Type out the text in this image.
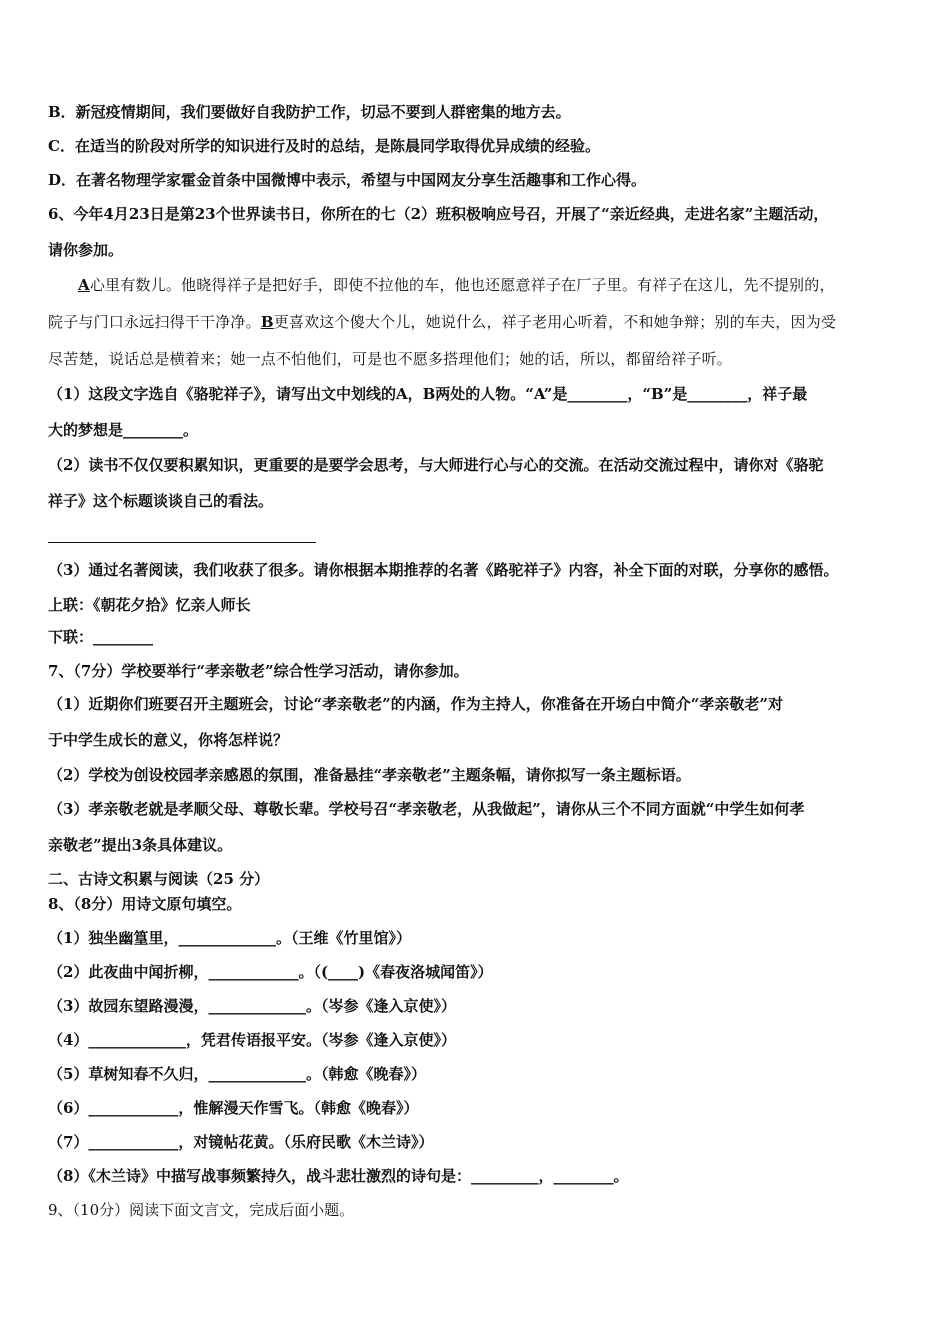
B．新冠疫情期间，我们要做好自我防护工作，切忌不要到人群密集的地方去。
C．在适当的阶段对所学的知识进行及时的总结，是陈晨同学取得优异成绩的经验。
D．在著名物理学家霍金首条中国微博中表示，希望与中国网友分享生活趣事和工作心得。
6、今年4月23日是第23个世界读书日，你所在的七（2）班积极响应号召，开展了“亲近经典，走进名家”主题活动，
请你参加。
A心里有数儿。他晓得祥子是把好手，即使不拉他的车，他也还愿意祥子在厂子里。有祥子在这儿，先不提别的，
院子与门口永远扫得干干净净。B更喜欢这个傻大个儿，她说什么，祥子老用心听着，不和她争辩；别的车夫，因为受
尽苦楚，说话总是横着来；她一点不怕他们，可是也不愿多搭理他们；她的话，所以，都留给祥子听。
（1）这段文字选自《骆驼祥子》，请写出文中划线的A，B两处的人物。“A”是________，“B”是________，祥子最
大的梦想是________。
（2）读书不仅仅要积累知识，更重要的是要学会思考，与大师进行心与心的交流。在活动交流过程中，请你对《骆驼
祥子》这个标题谈谈自己的看法。
（3）通过名著阅读，我们收获了很多。请你根据本期推荐的名著《路驼祥子》内容，补全下面的对联，分享你的感悟。
上联：《朝花夕拾》忆亲人师长
下联：________
7、（7分）学校要举行“孝亲敬老”综合性学习活动，请你参加。
（1）近期你们班要召开主题班会，讨论“孝亲敬老”的内涵，作为主持人，你准备在开场白中简介“孝亲敬老”对
于中学生成长的意义，你将怎样说？
（2）学校为创设校园孝亲感恩的氛围，准备悬挂“孝亲敬老”主题条幅，请你拟写一条主题标语。
（3）孝亲敬老就是孝顺父母、尊敬长辈。学校号召“孝亲敬老，从我做起”，请你从三个不同方面就“中学生如何孝
亲敬老”提出3条具体建议。
二、古诗文积累与阅读（25 分）
8、（8分）用诗文原句填空。
（1）独坐幽篁里，_____________。（王维《竹里馆》）
（2）此夜曲中闻折柳，____________。（(____)《春夜洛城闻笛》）
（3）故园东望路漫漫，_____________。（岑参《逢入京使》）
（4）_____________，凭君传语报平安。（岑参《逢入京使》）
（5）草树知春不久归，_____________。（韩愈《晚春》）
（6）____________，惟解漫天作雪飞。（韩愈《晚春》）
（7）____________，对镜帖花黄。（乐府民歌《木兰诗》）
（8）《木兰诗》中描写战事频繁持久，战斗悲壮激烈的诗句是：_________，________。
9、（10分）阅读下面文言文，完成后面小题。
